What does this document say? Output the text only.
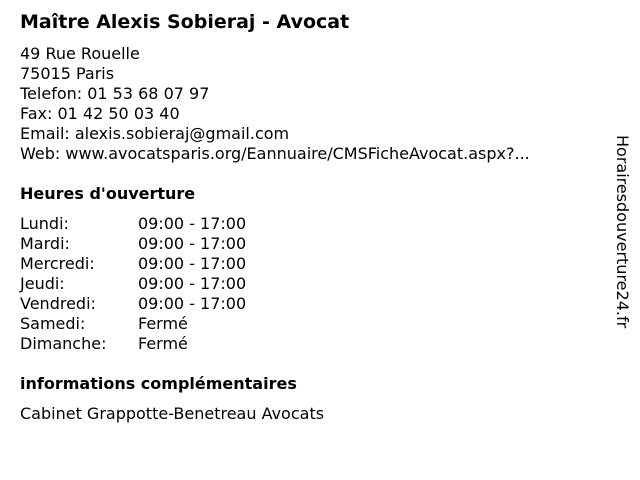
Maître Alexis Sobieraj - Avocat
49 Rue Rouelle
75015 Paris
Telefon: 01 53 68 07 97
Fax: 01 42 50 03 40
Email: alexis.sobieraj@gmail.com
Web: www.avocatsparis.org/Eannuaire/CMSFicheAvocat.aspx?...
Heures d'ouverture
Lundi:	09:00 - 17:00
Mardi:	09:00 - 17:00
Mercredi:	09:00 - 17:00
Jeudi:	09:00 - 17:00
Vendredi:	09:00 - 17:00
Samedi:	Fermé
Dimanche:	Fermé
informations complémentaires
Cabinet Grappotte-Benetreau Avocats
Horairesdouverture24.fr
